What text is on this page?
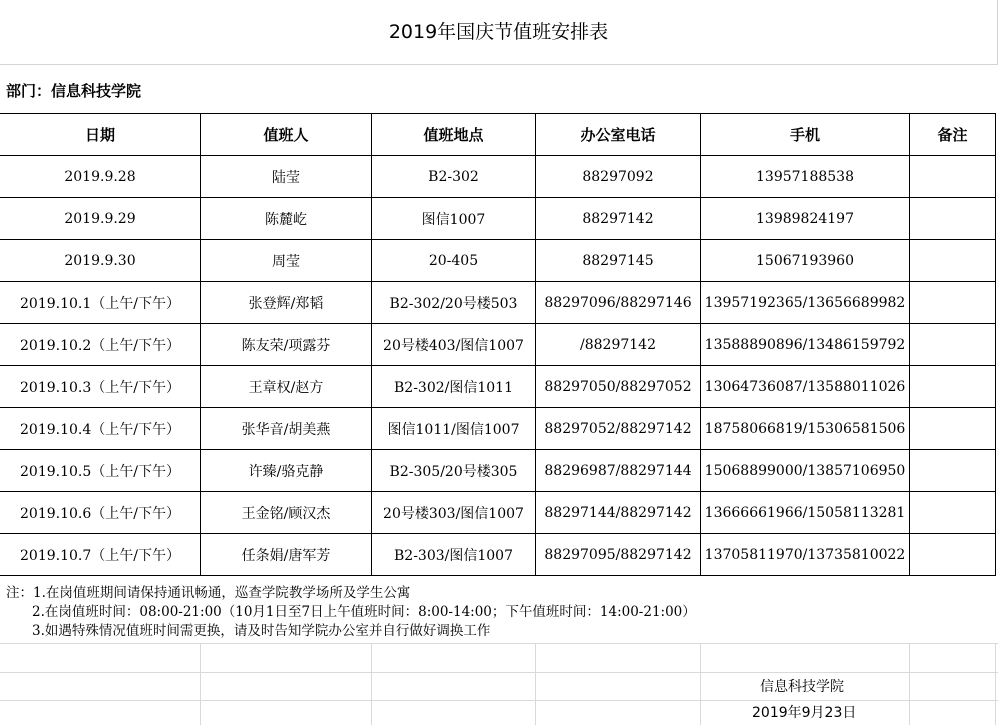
2019年国庆节值班安排表
部门：信息科技学院
日期	值班人	值班地点	办公室电话	手机	备注
2019.9.28	陆莹	B2-302	88297092	13957188538	
2019.9.29	陈麓屹	图信1007	88297142	13989824197	
2019.9.30	周莹	20-405	88297145	15067193960	
2019.10.1（上午/下午）	张登辉/郑韬	B2-302/20号楼503	88297096/88297146	13957192365/13656689982	
2019.10.2（上午/下午）	陈友荣/项露芬	20号楼403/图信1007	/88297142	13588890896/13486159792	
2019.10.3（上午/下午）	王章权/赵方	B2-302/图信1011	88297050/88297052	13064736087/13588011026	
2019.10.4（上午/下午）	张华音/胡美燕	图信1011/图信1007	88297052/88297142	18758066819/15306581506	
2019.10.5（上午/下午）	许臻/骆克静	B2-305/20号楼305	88296987/88297144	15068899000/13857106950	
2019.10.6（上午/下午）	王金铭/顾汉杰	20号楼303/图信1007	88297144/88297142	13666661966/15058113281	
2019.10.7（上午/下午）	任条娟/唐军芳	B2-303/图信1007	88297095/88297142	13705811970/13735810022	
注：1.在岗值班期间请保持通讯畅通，巡查学院教学场所及学生公寓
2.在岗值班时间：08:00-21:00（10月1日至7日上午值班时间：8:00-14:00；下午值班时间：14:00-21:00）
3.如遇特殊情况值班时间需更换，请及时告知学院办公室并自行做好调换工作
信息科技学院
2019年9月23日
